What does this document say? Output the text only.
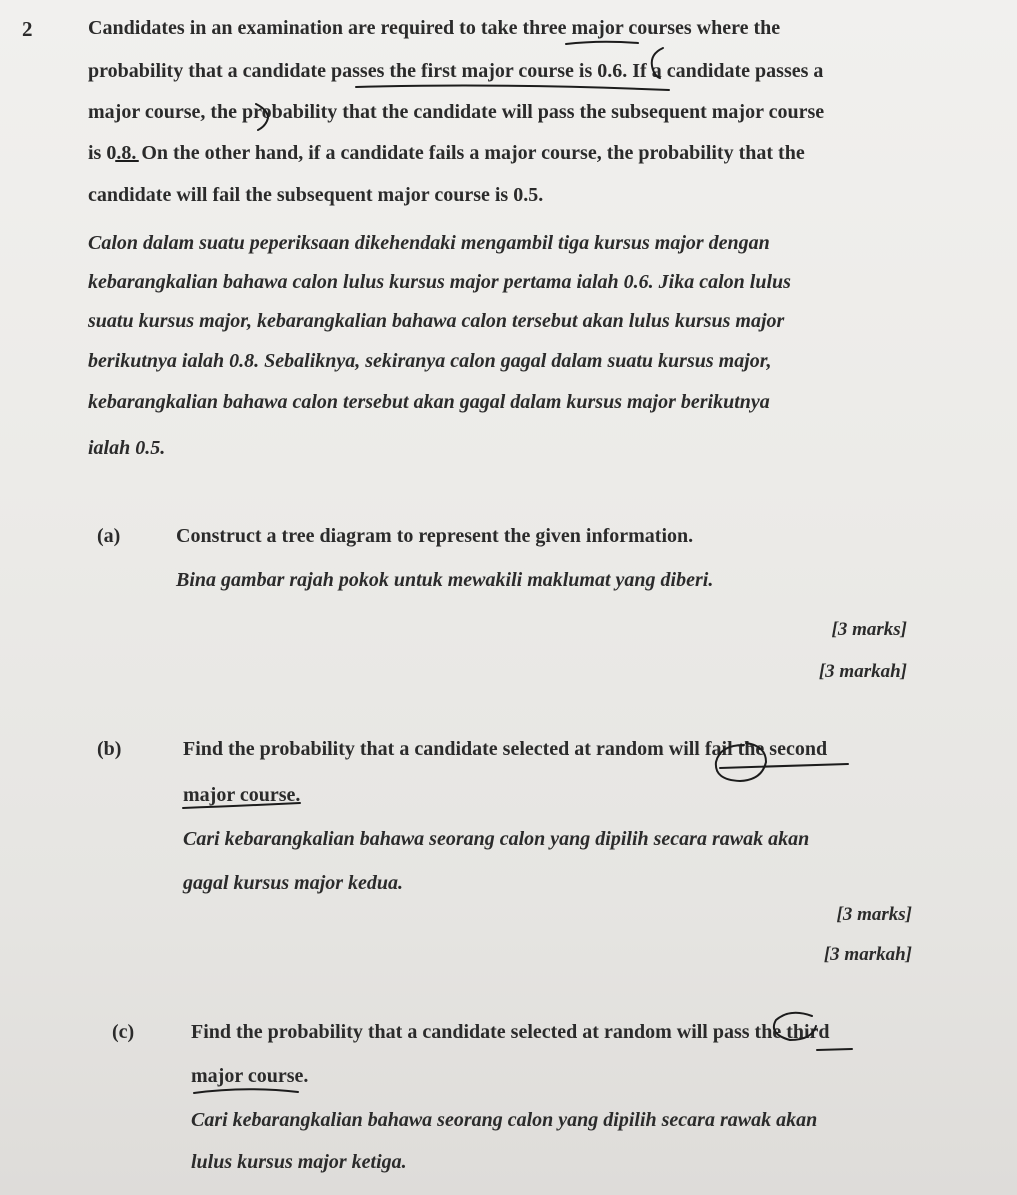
2	Candidates in an examination are required to take three major courses where the
probability that a candidate passes the first major course is 0.6. If a candidate passes a
major course, the probability that the candidate will pass the subsequent major course
is 0.8. On the other hand, if a candidate fails a major course, the probability that the
candidate will fail the subsequent major course is 0.5.
Calon dalam suatu peperiksaan dikehendaki mengambil tiga kursus major dengan
kebarangkalian bahawa calon lulus kursus major pertama ialah 0.6. Jika calon lulus
suatu kursus major, kebarangkalian bahawa calon tersebut akan lulus kursus major
berikutnya ialah 0.8. Sebaliknya, sekiranya calon gagal dalam suatu kursus major,
kebarangkalian bahawa calon tersebut akan gagal dalam kursus major berikutnya
ialah 0.5.
(a)	Construct a tree diagram to represent the given information.
Bina gambar rajah pokok untuk mewakili maklumat yang diberi.
[3 marks]
[3 markah]
(b)	Find the probability that a candidate selected at random will fail the second
major course.
Cari kebarangkalian bahawa seorang calon yang dipilih secara rawak akan
gagal kursus major kedua.
[3 marks]
[3 markah]
(c)	Find the probability that a candidate selected at random will pass the third
major course.
Cari kebarangkalian bahawa seorang calon yang dipilih secara rawak akan
lulus kursus major ketiga.
